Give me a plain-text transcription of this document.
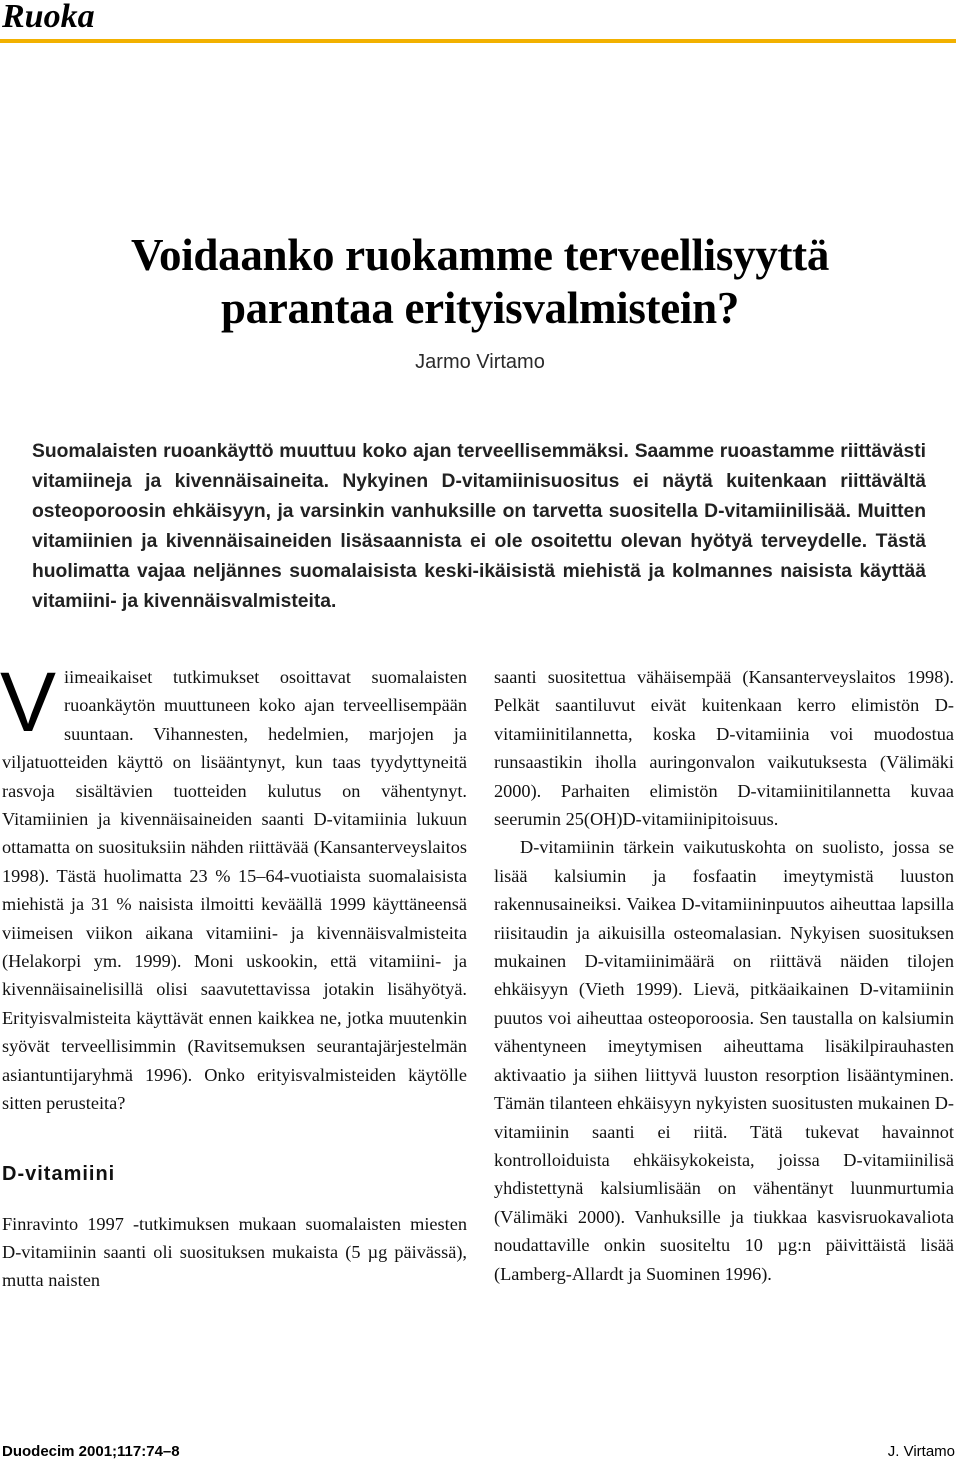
Ruoka
Voidaanko ruokamme terveellisyyttä
parantaa erityisvalmistein?
Jarmo Virtamo
Suomalaisten ruoankäyttö muuttuu koko ajan terveellisemmäksi. Saamme ruoastamme riittävästi vitamiineja ja kivennäisaineita. Nykyinen D-vitamiinisuositus ei näytä kuitenkaan riittävältä osteoporoosin ehkäisyyn, ja varsinkin vanhuksille on tarvetta suositella D-vitamiinilisää. Muitten vitamiinien ja kivennäisaineiden lisäsaannista ei ole osoitettu olevan hyötyä terveydelle. Tästä huolimatta vajaa neljännes suomalaisista keski-ikäisistä miehistä ja kolmannes naisista käyttää vitamiini- ja kivennäisvalmisteita.

Viimeaikaiset tutkimukset osoittavat suomalaisten ruoankäytön muuttuneen koko ajan terveellisempään suuntaan. Vihannesten, hedelmien, marjojen ja viljatuotteiden käyttö on lisääntynyt, kun taas tyydyttyneitä rasvoja sisältävien tuotteiden kulutus on vähentynyt. Vitamiinien ja kivennäisaineiden saanti D-vitamiinia lukuun ottamatta on suosituksiin nähden riittävää (Kansanterveyslaitos 1998). Tästä huolimatta 23 % 15–64-vuotiaista suomalaisista miehistä ja 31 % naisista ilmoitti keväällä 1999 käyttäneensä viimeisen viikon aikana vitamiini- ja kivennäisvalmisteita (Helakorpi ym. 1999). Moni uskookin, että vitamiini- ja kivennäisainelisillä olisi saavutettavissa jotakin lisähyötyä. Erityisvalmisteita käyttävät ennen kaikkea ne, jotka muutenkin syövät terveellisimmin (Ravitsemuksen seurantajärjestelmän asiantuntijaryhmä 1996). Onko erityisvalmisteiden käytölle sitten perusteita?

D-vitamiini

Finravinto 1997 -tutkimuksen mukaan suomalaisten miesten D-vitamiinin saanti oli suosituksen mukaista (5 µg päivässä), mutta naisten

saanti suositettua vähäisempää (Kansanterveyslaitos 1998). Pelkät saantiluvut eivät kuitenkaan kerro elimistön D-vitamiinitilannetta, koska D-vitamiinia voi muodostua runsaastikin iholla auringonvalon vaikutuksesta (Välimäki 2000). Parhaiten elimistön D-vitamiinitilannetta kuvaa seerumin 25(OH)D-vitamiinipitoisuus.

D-vitamiinin tärkein vaikutuskohta on suolisto, jossa se lisää kalsiumin ja fosfaatin imeytymistä luuston rakennusaineiksi. Vaikea D-vitamiininpuutos aiheuttaa lapsilla riisitaudin ja aikuisilla osteomalasian. Nykyisen suosituksen mukainen D-vitamiinimäärä on riittävä näiden tilojen ehkäisyyn (Vieth 1999). Lievä, pitkäaikainen D-vitamiinin puutos voi aiheuttaa osteoporoosia. Sen taustalla on kalsiumin vähentyneen imeytymisen aiheuttama lisäkilpirauhasten aktivaatio ja siihen liittyvä luuston resorption lisääntyminen. Tämän tilanteen ehkäisyyn nykyisten suositusten mukainen D-vitamiinin saanti ei riitä. Tätä tukevat havainnot kontrolloiduista ehkäisykokeista, joissa D-vitamiinilisä yhdistettynä kalsiumlisään on vähentänyt luunmurtumia (Välimäki 2000). Vanhuksille ja tiukkaa kasvisruokavaliota noudattaville onkin suositeltu 10 µg:n päivittäistä lisää (Lamberg-Allardt ja Suominen 1996).

Duodecim 2001;117:74–8	J. Virtamo
